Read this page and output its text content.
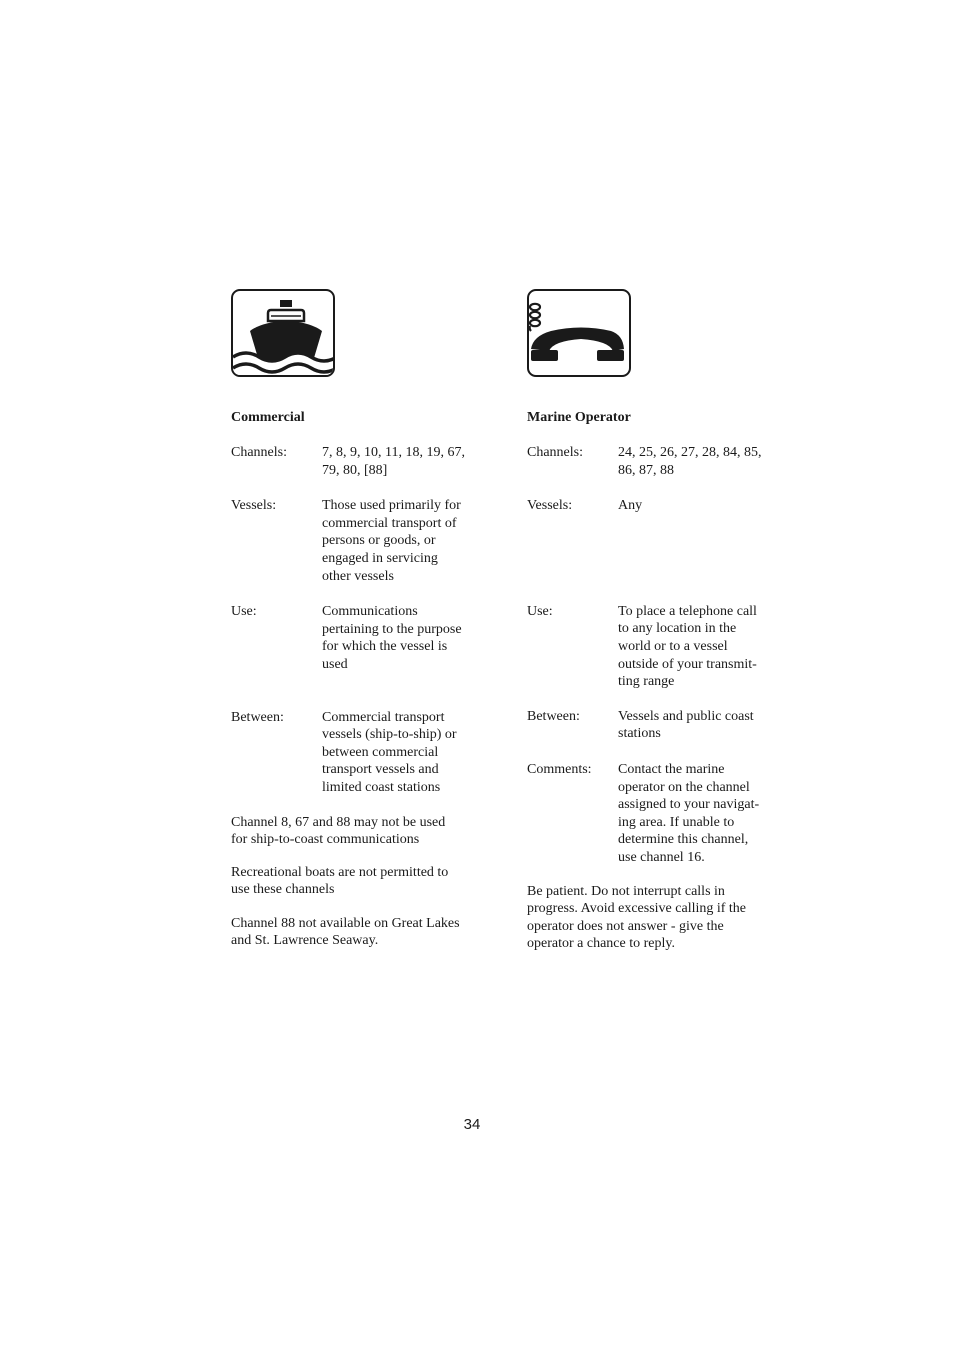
Commercial
Channels:	7, 8, 9, 10, 11, 18, 19, 67,
79, 80, [88]
Vessels:	Those used primarily for
commercial transport of
persons or goods, or
engaged in servicing
other vessels
Use:	Communications
pertaining to the purpose
for which the vessel is
used
Between:	Commercial transport
vessels (ship-to-ship) or
between commercial
transport vessels and
limited coast stations
Channel 8, 67 and 88 may not be used
for ship-to-coast communications
Recreational boats are not permitted to
use these channels
Channel 88 not available on Great Lakes
and St. Lawrence Seaway.
Marine Operator
Channels:	24, 25, 26, 27, 28, 84, 85,
86, 87, 88
Vessels:	Any
Use:	To place a telephone call
to any location in the
world or to a vessel
outside of your transmit-
ting range
Between:	Vessels and public coast
stations
Comments:	Contact the marine
operator on the channel
assigned to your navigat-
ing area. If unable to
determine this channel,
use channel 16.
Be patient. Do not interrupt calls in
progress. Avoid excessive calling if the
operator does not answer - give the
operator a chance to reply.
34
